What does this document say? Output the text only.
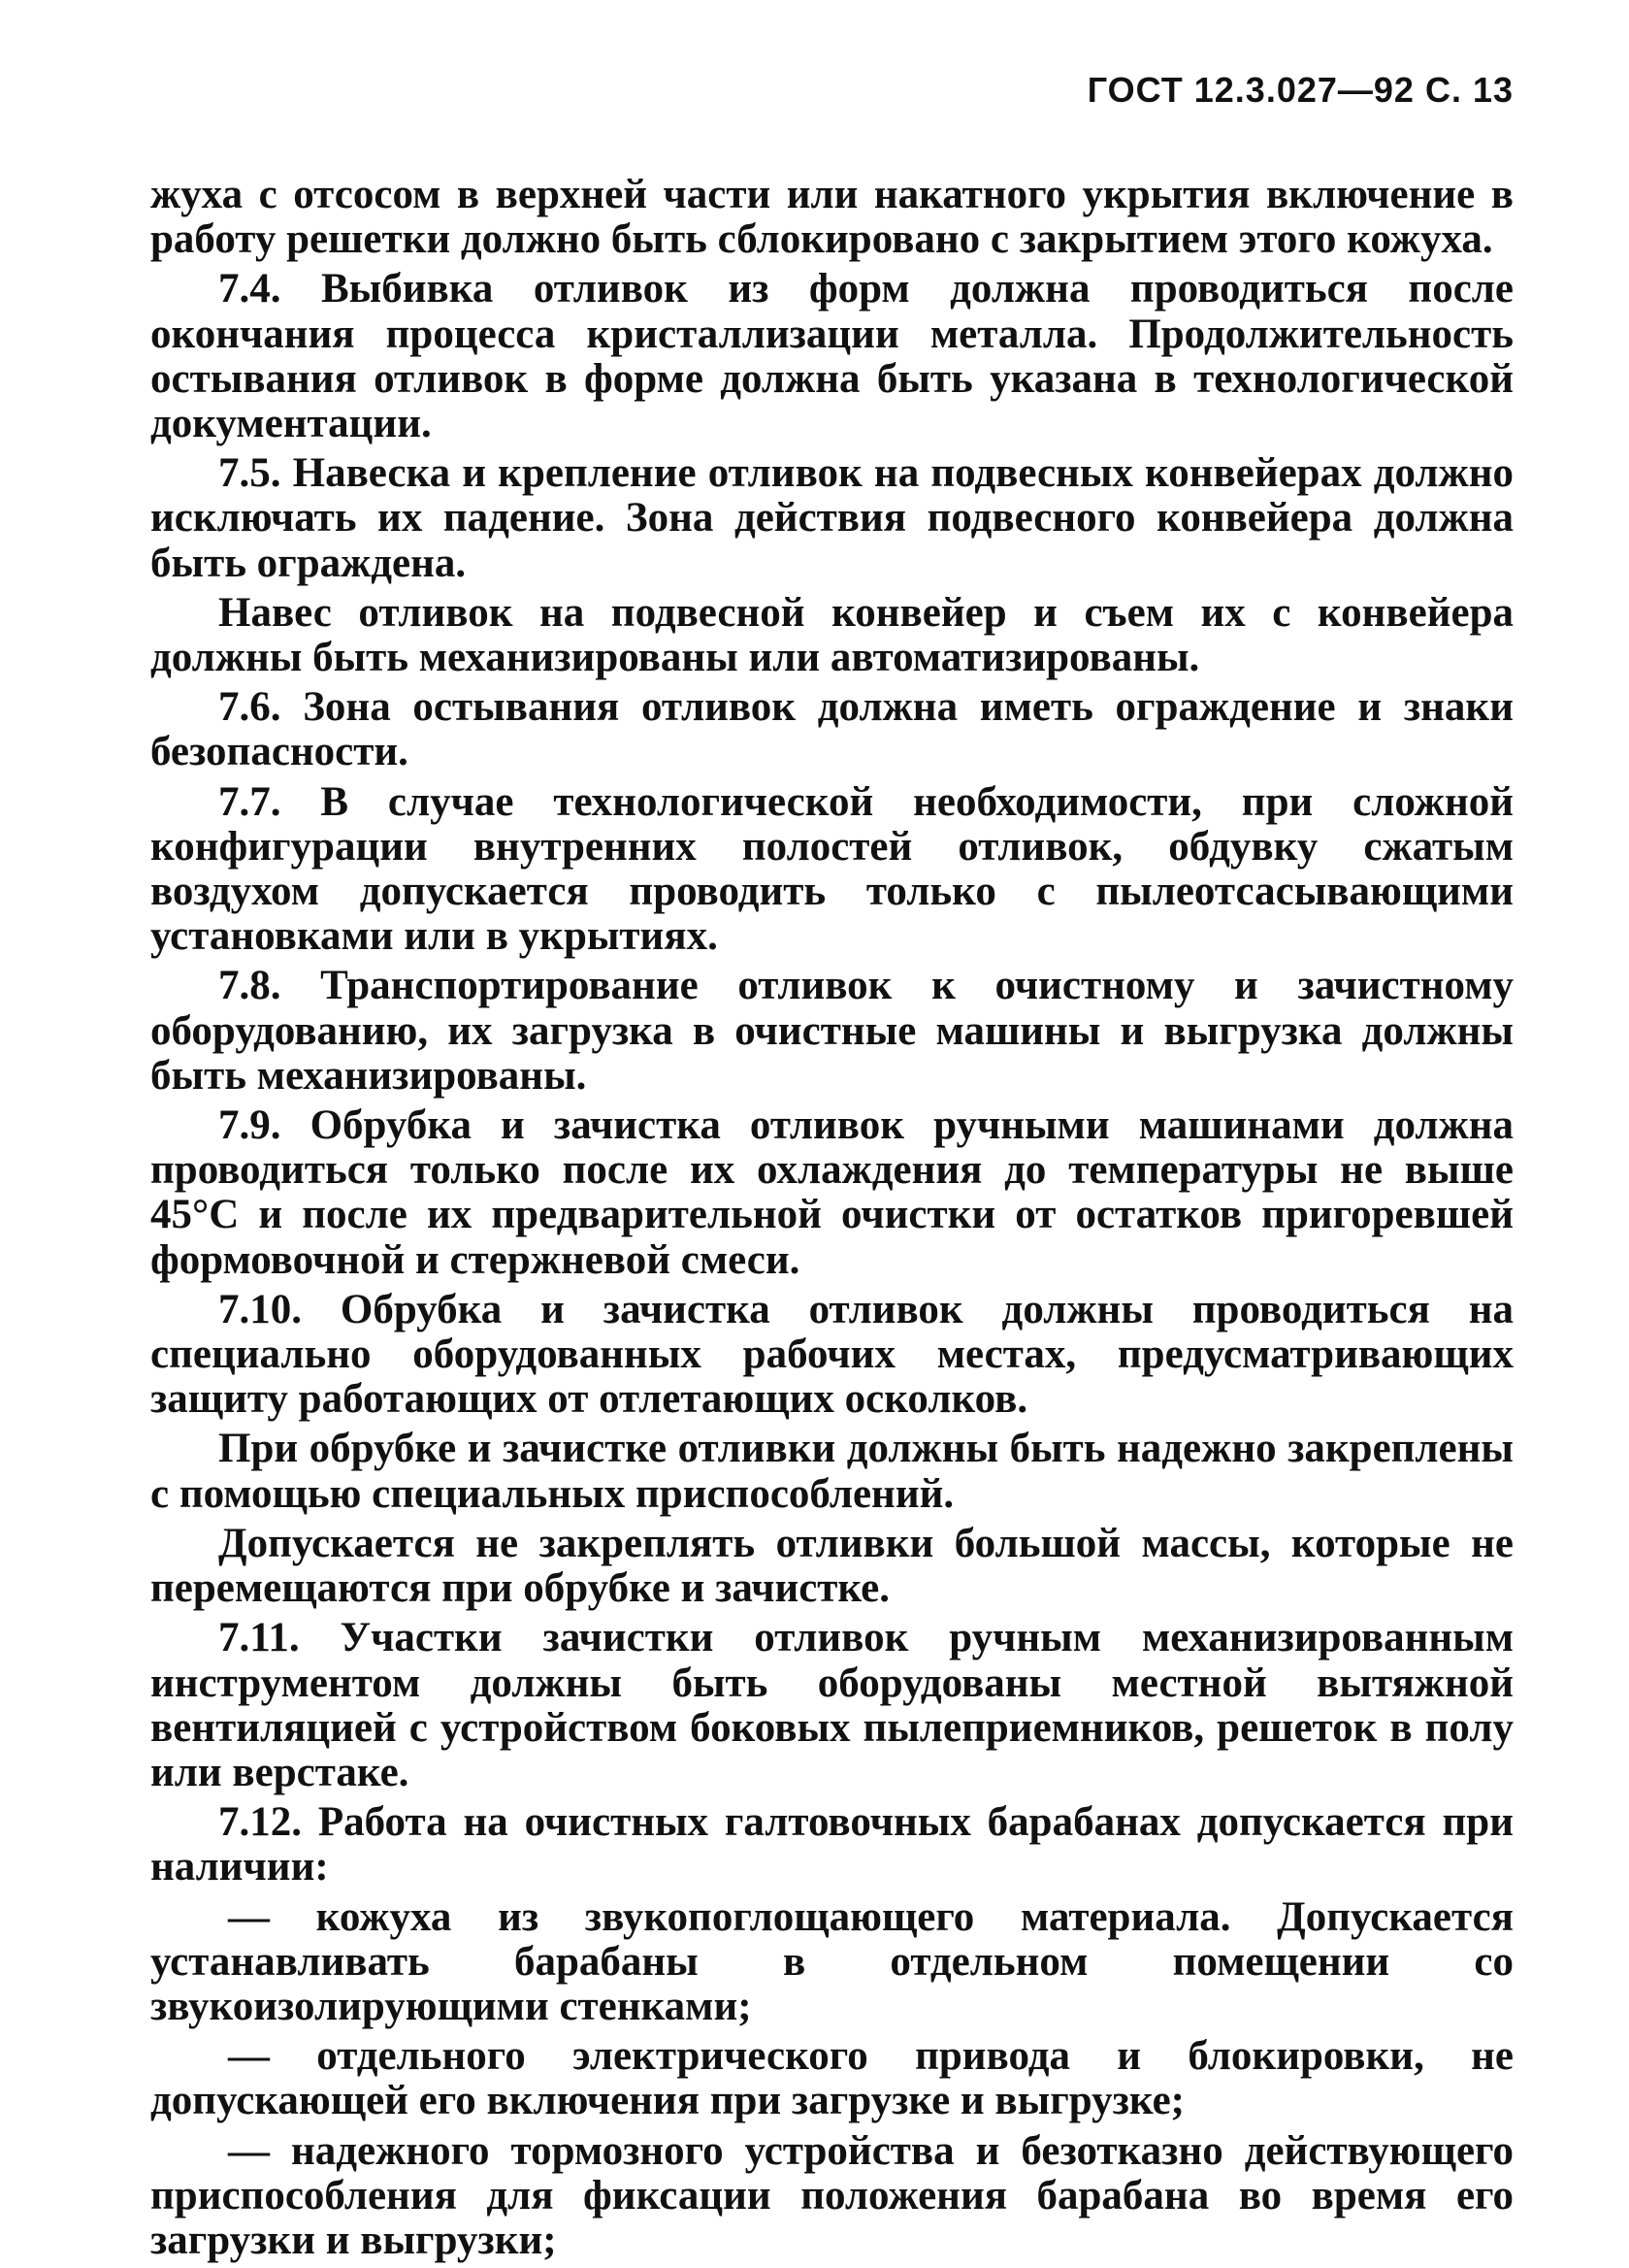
ГОСТ 12.3.027—92 С. 13

жуха с отсосом в верхней части или накатного укрытия включение в работу решетки должно быть сблокировано с закрытием этого кожуха.

7.4. Выбивка отливок из форм должна проводиться после окончания процесса кристаллизации металла. Продолжительность остывания отливок в форме должна быть указана в технологической документации.

7.5. Навеска и крепление отливок на подвесных конвейерах должно исключать их падение. Зона действия подвесного конвейера должна быть ограждена.

Навес отливок на подвесной конвейер и съем их с конвейера должны быть механизированы или автоматизированы.

7.6. Зона остывания отливок должна иметь ограждение и знаки безопасности.

7.7. В случае технологической необходимости, при сложной конфигурации внутренних полостей отливок, обдувку сжатым воздухом допускается проводить только с пылеотсасывающими установками или в укрытиях.

7.8. Транспортирование отливок к очистному и зачистному оборудованию, их загрузка в очистные машины и выгрузка должны быть механизированы.

7.9. Обрубка и зачистка отливок ручными машинами должна проводиться только после их охлаждения до температуры не выше 45°С и после их предварительной очистки от остатков пригоревшей формовочной и стержневой смеси.

7.10. Обрубка и зачистка отливок должны проводиться на специально оборудованных рабочих местах, предусматривающих защиту работающих от отлетающих осколков.

При обрубке и зачистке отливки должны быть надежно закреплены с помощью специальных приспособлений.

Допускается не закреплять отливки большой массы, которые не перемещаются при обрубке и зачистке.

7.11. Участки зачистки отливок ручным механизированным инструментом должны быть оборудованы местной вытяжной вентиляцией с устройством боковых пылеприемников, решеток в полу или верстаке.

7.12. Работа на очистных галтовочных барабанах допускается при наличии:

— кожуха из звукопоглощающего материала. Допускается устанавливать барабаны в отдельном помещении со звукоизолирующими стенками;

— отдельного электрического привода и блокировки, не допускающей его включения при загрузке и выгрузке;

— надежного тормозного устройства и безотказно действующего приспособления для фиксации положения барабана во время его загрузки и выгрузки;
